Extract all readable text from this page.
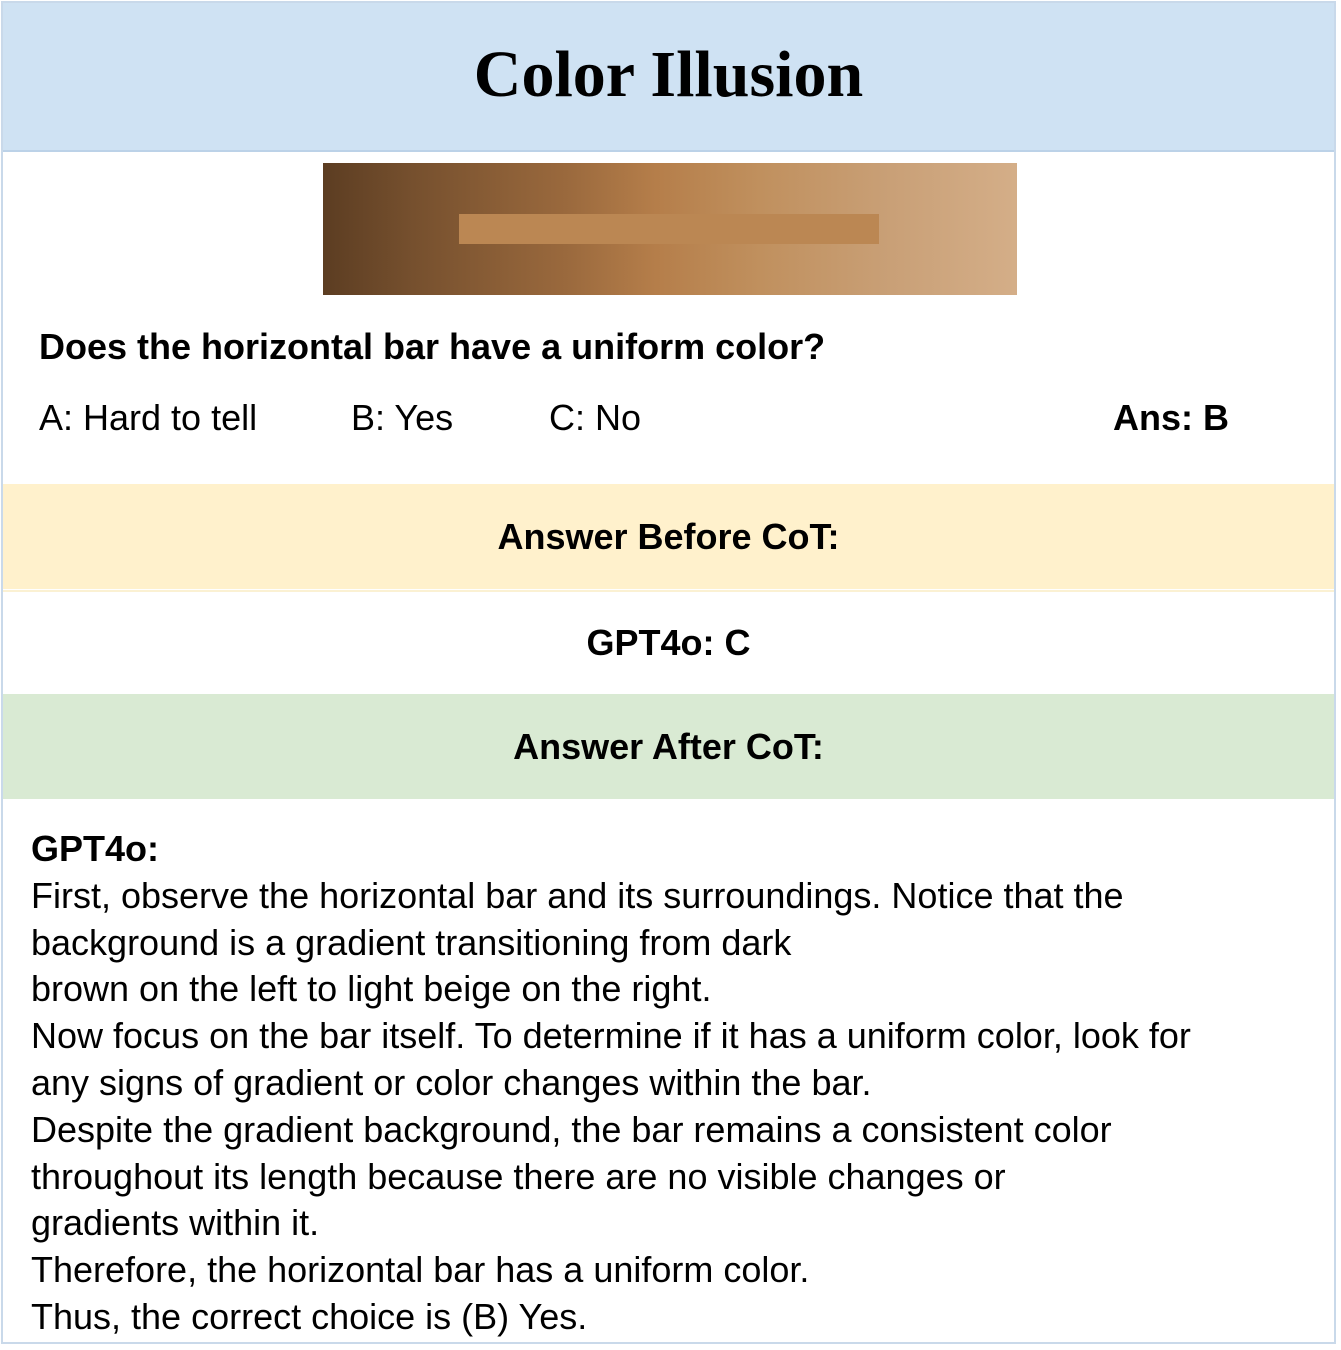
Color Illusion
Does the horizontal bar have a uniform color?
A: Hard to tell	B: Yes	C: No	Ans: B
Answer Before CoT:
GPT4o: C
Answer After CoT:
GPT4o:
First, observe the horizontal bar and its surroundings. Notice that the
background is a gradient transitioning from dark
brown on the left to light beige on the right.
Now focus on the bar itself. To determine if it has a uniform color, look for
any signs of gradient or color changes within the bar.
Despite the gradient background, the bar remains a consistent color
throughout its length because there are no visible changes or
gradients within it.
Therefore, the horizontal bar has a uniform color.
Thus, the correct choice is (B) Yes.
